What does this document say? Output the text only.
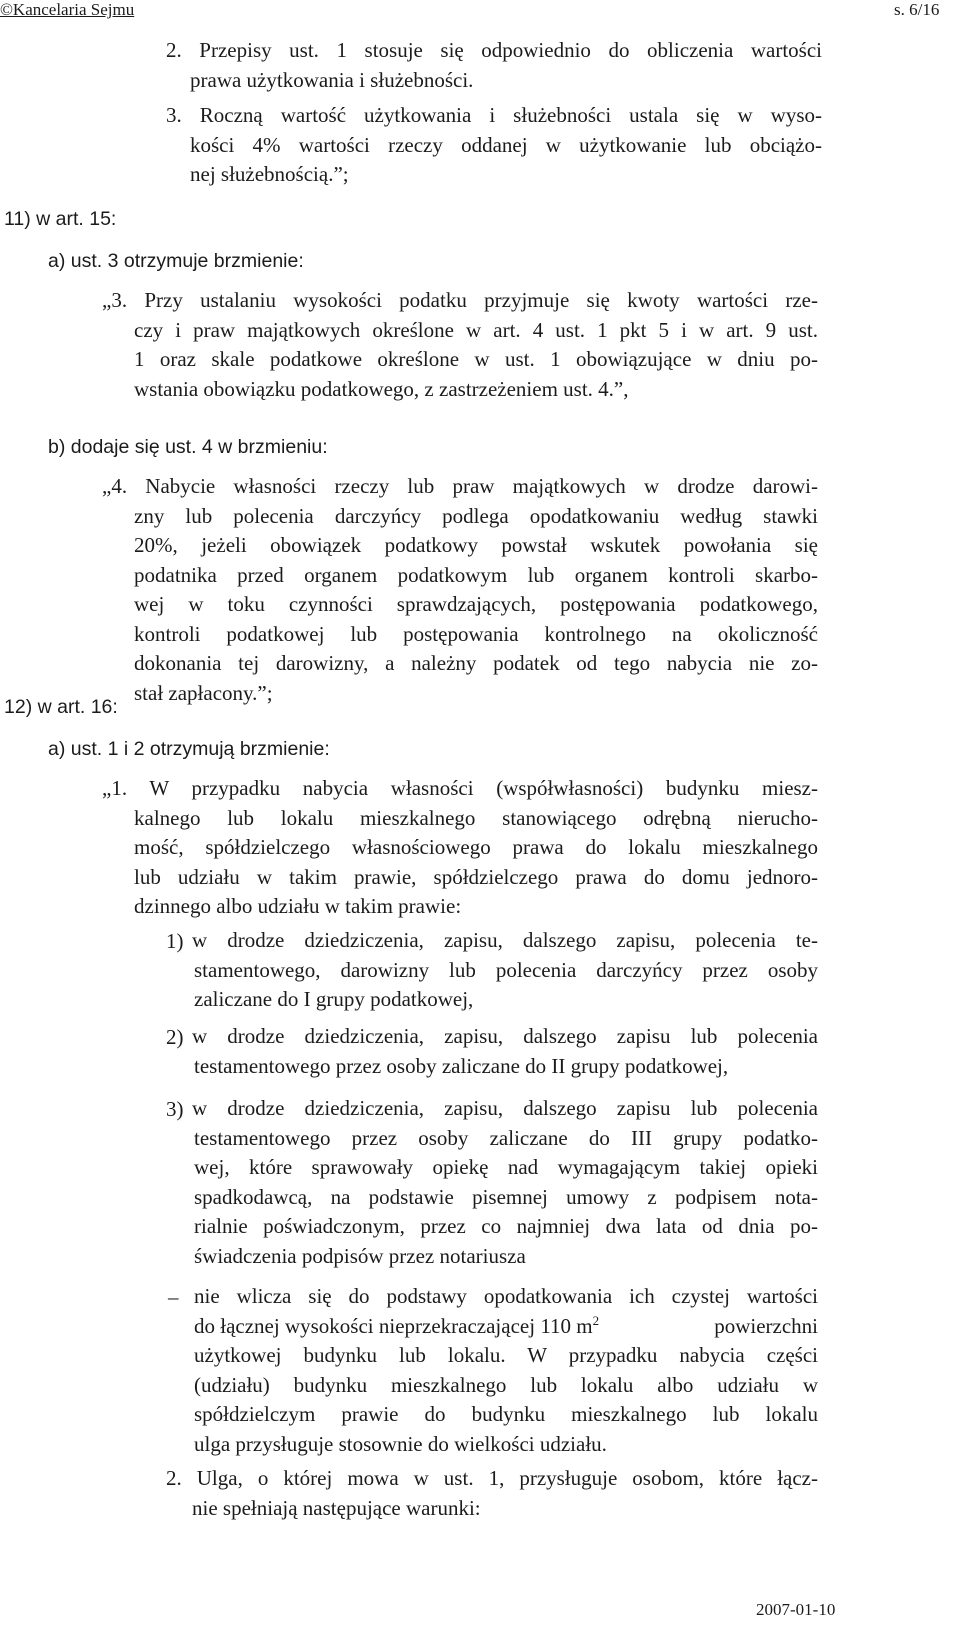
©Kancelaria Sejmu	s. 6/16
2. Przepisy ust. 1 stosuje się odpowiednio do obliczenia wartości
prawa użytkowania i służebności.
3. Roczną wartość użytkowania i służebności ustala się w wyso-
kości 4% wartości rzeczy oddanej w użytkowanie lub obciążo-
nej służebnością.”;
11) w art. 15:
a) ust. 3 otrzymuje brzmienie:
„3. Przy ustalaniu wysokości podatku przyjmuje się kwoty wartości rze-
czy i praw majątkowych określone w art. 4 ust. 1 pkt 5 i w art. 9 ust.
1 oraz skale podatkowe określone w ust. 1 obowiązujące w dniu po-
wstania obowiązku podatkowego, z zastrzeżeniem ust. 4.”,
b) dodaje się ust. 4 w brzmieniu:
„4. Nabycie własności rzeczy lub praw majątkowych w drodze darowi-
zny lub polecenia darczyńcy podlega opodatkowaniu według stawki
20%, jeżeli obowiązek podatkowy powstał wskutek powołania się
podatnika przed organem podatkowym lub organem kontroli skarbo-
wej w toku czynności sprawdzających, postępowania podatkowego,
kontroli podatkowej lub postępowania kontrolnego na okoliczność
dokonania tej darowizny, a należny podatek od tego nabycia nie zo-
stał zapłacony.”;
12) w art. 16:
a) ust. 1 i 2 otrzymują brzmienie:
„1. W przypadku nabycia własności (współwłasności) budynku miesz-
kalnego lub lokalu mieszkalnego stanowiącego odrębną nierucho-
mość, spółdzielczego własnościowego prawa do lokalu mieszkalnego
lub udziału w takim prawie, spółdzielczego prawa do domu jednoro-
dzinnego albo udziału w takim prawie:
1) w drodze dziedziczenia, zapisu, dalszego zapisu, polecenia te-
stamentowego, darowizny lub polecenia darczyńcy przez osoby
zaliczane do I grupy podatkowej,
2) w drodze dziedziczenia, zapisu, dalszego zapisu lub polecenia
testamentowego przez osoby zaliczane do II grupy podatkowej,
3) w drodze dziedziczenia, zapisu, dalszego zapisu lub polecenia
testamentowego przez osoby zaliczane do III grupy podatko-
wej, które sprawowały opiekę nad wymagającym takiej opieki
spadkodawcą, na podstawie pisemnej umowy z podpisem nota-
rialnie poświadczonym, przez co najmniej dwa lata od dnia po-
świadczenia podpisów przez notariusza
– nie wlicza się do podstawy opodatkowania ich czystej wartości
do łącznej wysokości nieprzekraczającej 110 $m^2$	powierzchni
użytkowej budynku lub lokalu. W przypadku nabycia części
(udziału) budynku mieszkalnego lub lokalu albo udziału w
spółdzielczym prawie do budynku mieszkalnego lub lokalu
ulga przysługuje stosownie do wielkości udziału.
2. Ulga, o której mowa w ust. 1, przysługuje osobom, które łącz-
nie spełniają następujące warunki:
2007-01-10
